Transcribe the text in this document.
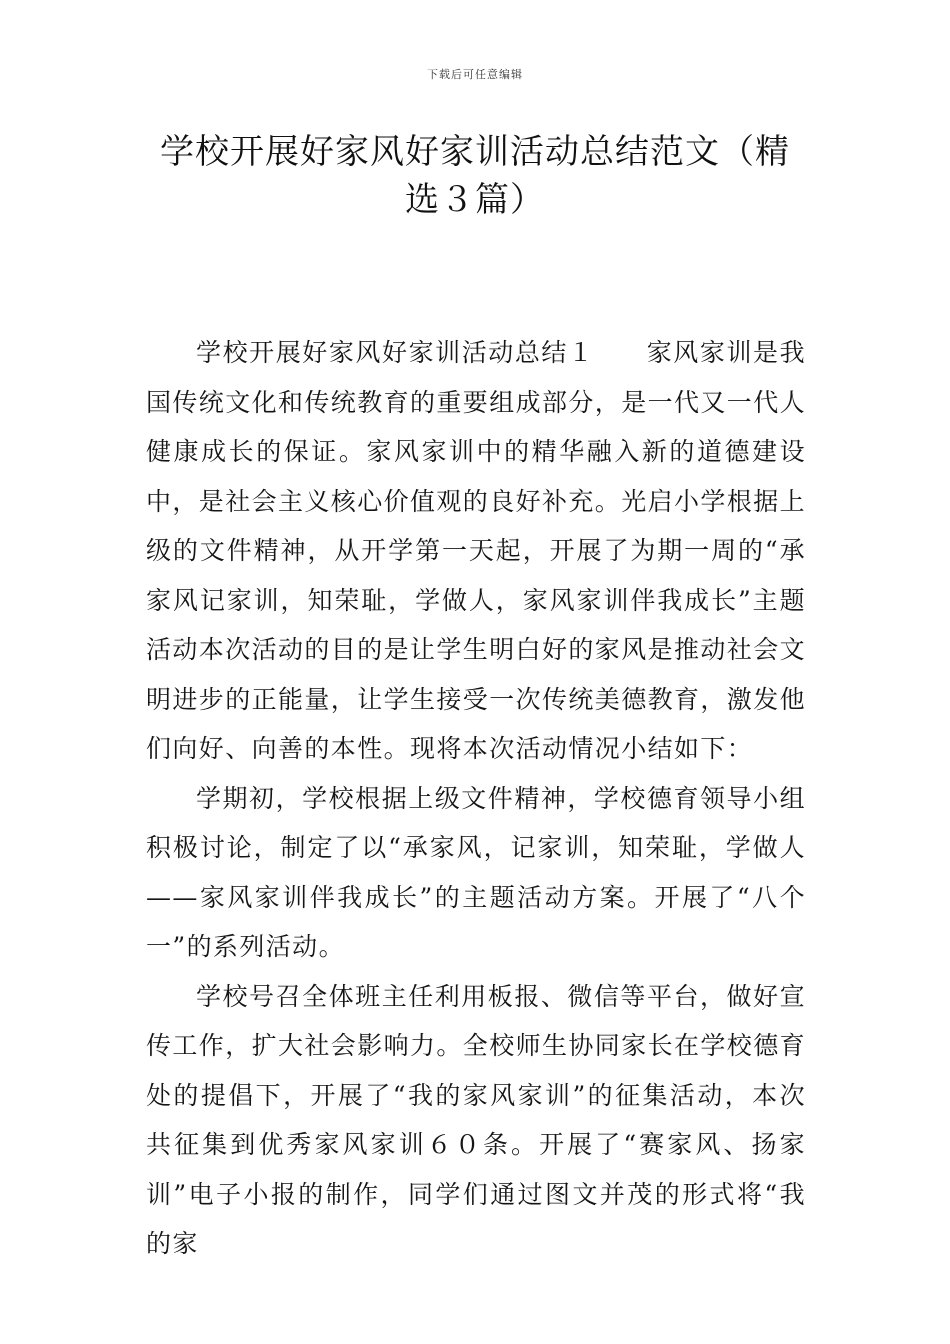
下载后可任意编辑
学校开展好家风好家训活动总结范文（精
选３篇）

学校开展好家风好家训活动总结１ 家风家训是我国传统文化和传统教育的重要组成部分，是一代又一代人健康成长的保证。家风家训中的精华融入新的道德建设中，是社会主义核心价值观的良好补充。光启小学根据上级的文件精神，从开学第一天起，开展了为期一周的“承家风记家训，知荣耻，学做人，家风家训伴我成长”主题活动本次活动的目的是让学生明白好的家风是推动社会文明进步的正能量，让学生接受一次传统美德教育，激发他们向好、向善的本性。现将本次活动情况小结如下：

学期初，学校根据上级文件精神，学校德育领导小组积极讨论，制定了以“承家风，记家训，知荣耻，学做人——家风家训伴我成长”的主题活动方案。开展了“八个一”的系列活动。

学校号召全体班主任利用板报、微信等平台，做好宣传工作，扩大社会影响力。全校师生协同家长在学校德育处的提倡下，开展了“我的家风家训”的征集活动，本次共征集到优秀家风家训６０条。开展了“赛家风、扬家训”电子小报的制作，同学们通过图文并茂的形式将“我的家
